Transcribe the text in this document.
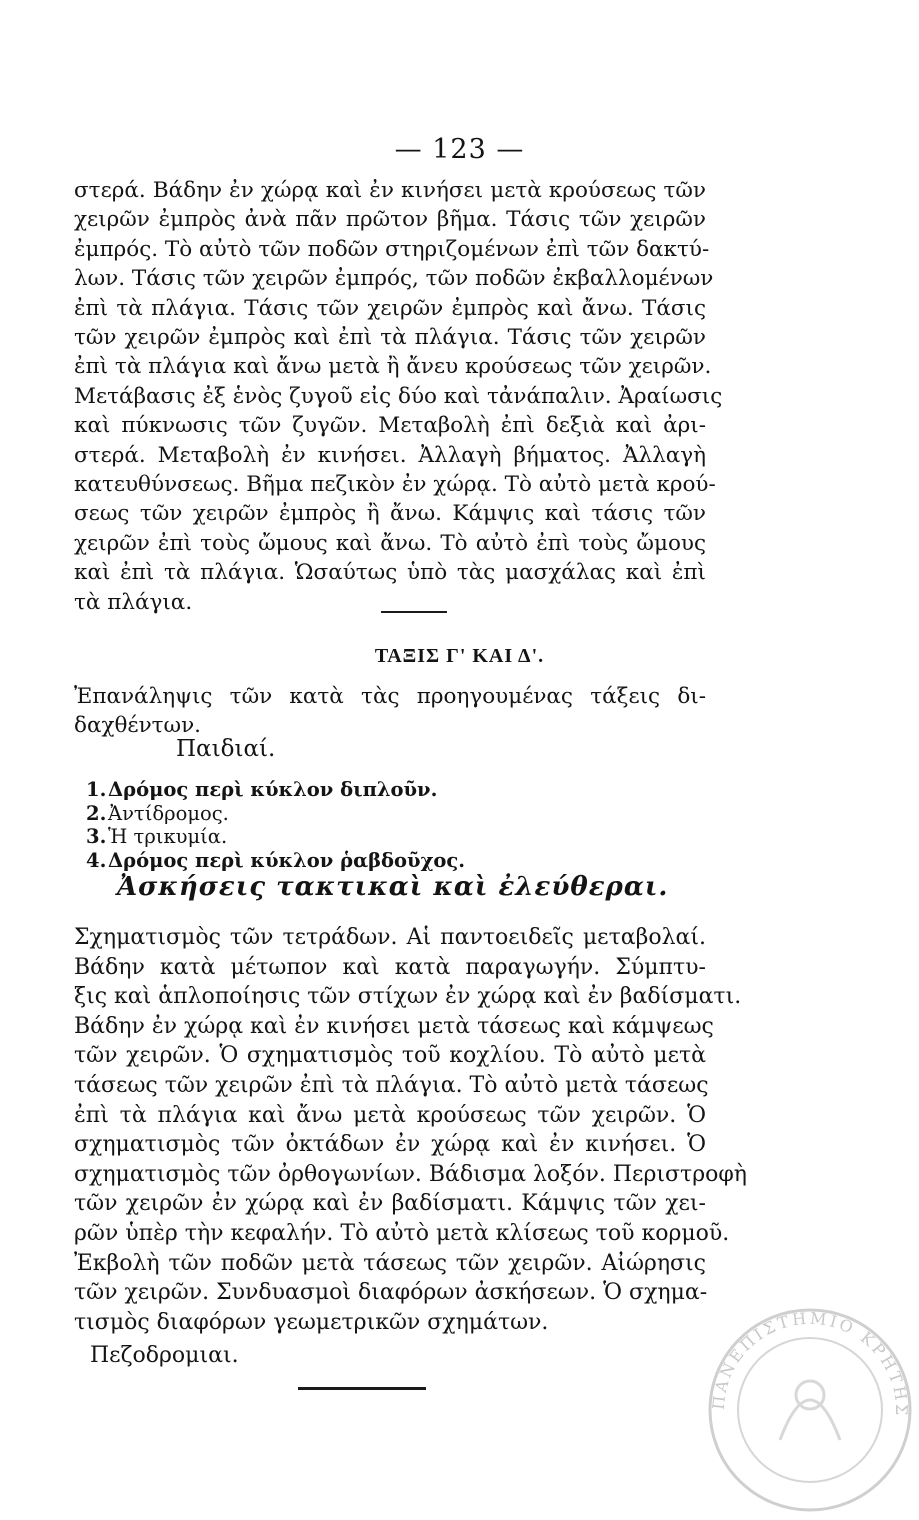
— 123 —
στερά. Βάδην ἐν χώρᾳ καὶ ἐν κινήσει μετὰ κρούσεως τῶν
χειρῶν ἐμπρὸς ἀνὰ πᾶν πρῶτον βῆμα. Τάσις τῶν χειρῶν
ἐμπρός. Τὸ αὐτὸ τῶν ποδῶν στηριζομένων ἐπὶ τῶν δακτύ-
λων. Τάσις τῶν χειρῶν ἐμπρός, τῶν ποδῶν ἐκβαλλομένων
ἐπὶ τὰ πλάγια. Τάσις τῶν χειρῶν ἐμπρὸς καὶ ἄνω. Τάσις
τῶν χειρῶν ἐμπρὸς καὶ ἐπὶ τὰ πλάγια. Τάσις τῶν χειρῶν
ἐπὶ τὰ πλάγια καὶ ἄνω μετὰ ἢ ἄνευ κρούσεως τῶν χειρῶν.
Μετάβασις ἐξ ἑνὸς ζυγοῦ εἰς δύο καὶ τἀνάπαλιν. Ἀραίωσις
καὶ πύκνωσις τῶν ζυγῶν. Μεταβολὴ ἐπὶ δεξιὰ καὶ ἀρι-
στερά. Μεταβολὴ ἐν κινήσει. Ἀλλαγὴ βήματος. Ἀλλαγὴ
κατευθύνσεως. Βῆμα πεζικὸν ἐν χώρᾳ. Τὸ αὐτὸ μετὰ κρού-
σεως τῶν χειρῶν ἐμπρὸς ἢ ἄνω. Κάμψις καὶ τάσις τῶν
χειρῶν ἐπὶ τοὺς ὤμους καὶ ἄνω. Τὸ αὐτὸ ἐπὶ τοὺς ὤμους
καὶ ἐπὶ τὰ πλάγια. Ὡσαύτως ὑπὸ τὰς μασχάλας καὶ ἐπὶ
τὰ πλάγια.
ΤΑΞΙΣ Γ' ΚΑΙ Δ'.
Ἐπανάληψις τῶν κατὰ τὰς προηγουμένας τάξεις δι-
δαχθέντων.
Παιδιαί.
1.Δρόμος περὶ κύκλον διπλοῦν.
2.Ἀντίδρομος.
3.Ἡ τρικυμία.
4.Δρόμος περὶ κύκλον ῥαβδοῦχος.
Ἀσκήσεις τακτικαὶ καὶ ἐλεύθεραι.
Σχηματισμὸς τῶν τετράδων. Αἱ παντοειδεῖς μεταβολαί.
Βάδην κατὰ μέτωπον καὶ κατὰ παραγωγήν. Σύμπτυ-
ξις καὶ ἁπλοποίησις τῶν στίχων ἐν χώρᾳ καὶ ἐν βαδίσματι.
Βάδην ἐν χώρᾳ καὶ ἐν κινήσει μετὰ τάσεως καὶ κάμψεως
τῶν χειρῶν. Ὁ σχηματισμὸς τοῦ κοχλίου. Τὸ αὐτὸ μετὰ
τάσεως τῶν χειρῶν ἐπὶ τὰ πλάγια. Τὸ αὐτὸ μετὰ τάσεως
ἐπὶ τὰ πλάγια καὶ ἄνω μετὰ κρούσεως τῶν χειρῶν. Ὁ
σχηματισμὸς τῶν ὀκτάδων ἐν χώρᾳ καὶ ἐν κινήσει. Ὁ
σχηματισμὸς τῶν ὀρθογωνίων. Βάδισμα λοξόν. Περιστροφὴ
τῶν χειρῶν ἐν χώρᾳ καὶ ἐν βαδίσματι. Κάμψις τῶν χει-
ρῶν ὑπὲρ τὴν κεφαλήν. Τὸ αὐτὸ μετὰ κλίσεως τοῦ κορμοῦ.
Ἐκβολὴ τῶν ποδῶν μετὰ τάσεως τῶν χειρῶν. Αἰώρησις
τῶν χειρῶν. Συνδυασμοὶ διαφόρων ἀσκήσεων. Ὁ σχημα-
τισμὸς διαφόρων γεωμετρικῶν σχημάτων.
Πεζοδρομιαι.
ΠΑΝΕΠΙΣΤΗΜΙΟ ΚΡΗΤΗΣ
